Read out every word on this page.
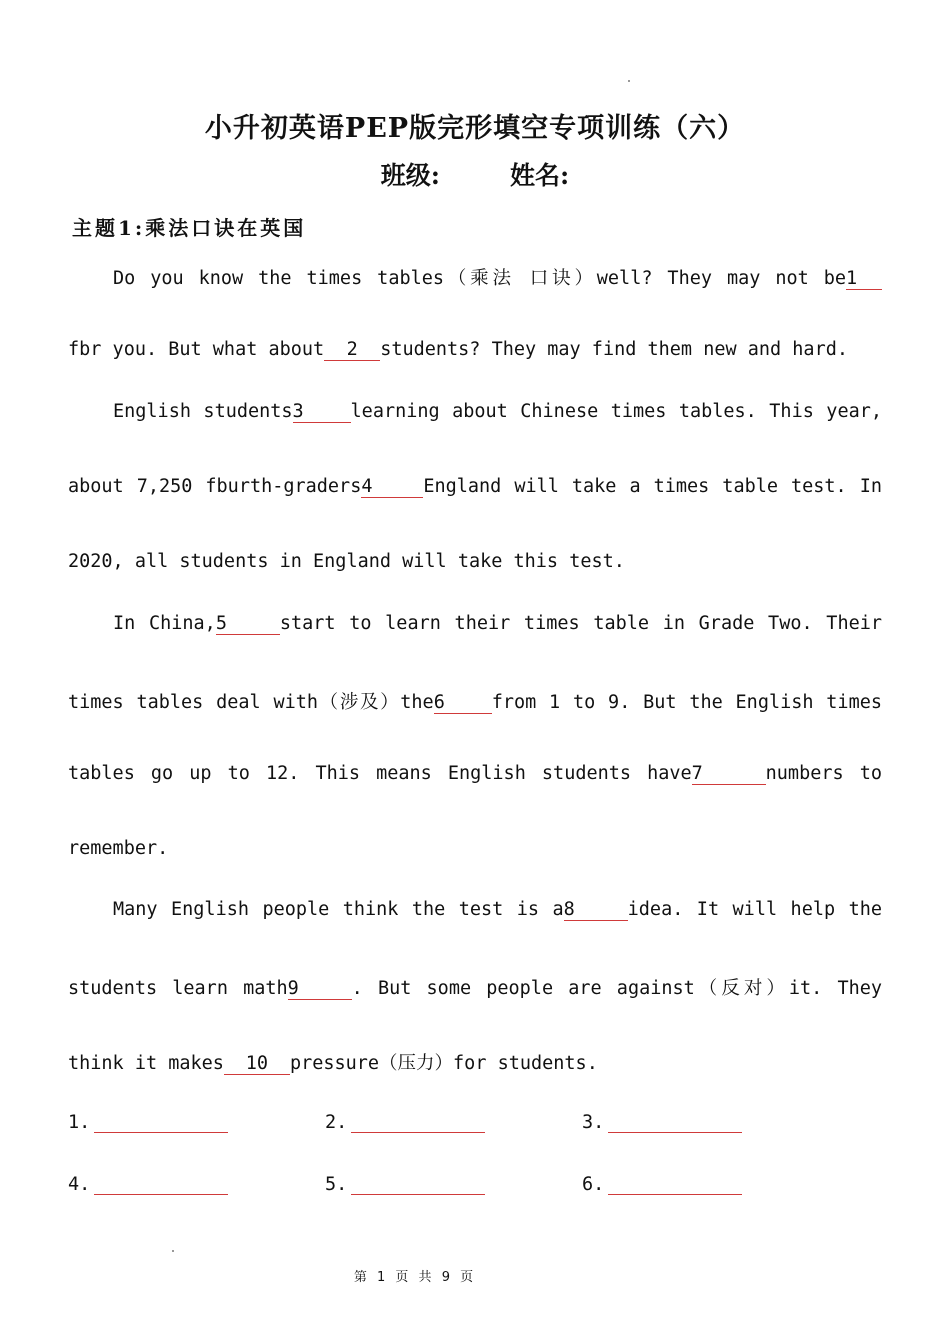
小升初英语PEP版完形填空专项训练（六）
班级:	姓名:
主题1:乘法口诀在英国
Do you know the times tables（乘法 口诀）well? They may not be1
fbr you. But what about 2 students? They may find them new and hard.
English students3	learning about Chinese times tables. This year,
about 7,250 fburth-graders4	England will take a times table test. In
2020, all students in England will take this test.
In China,5	start to learn their times table in Grade Two. Their
times tables deal with（涉及）the6	from 1 to 9. But the English times
tables go up to 12. This means English students have7	numbers to
remember.
Many English people think the test is a8	idea. It will help the
students learn math9	. But some people are against（反对）it. They
think it makes 10 pressure（压力）for students.
1.	2.	3.
4.	5.	6.
第 1 页 共 9 页
